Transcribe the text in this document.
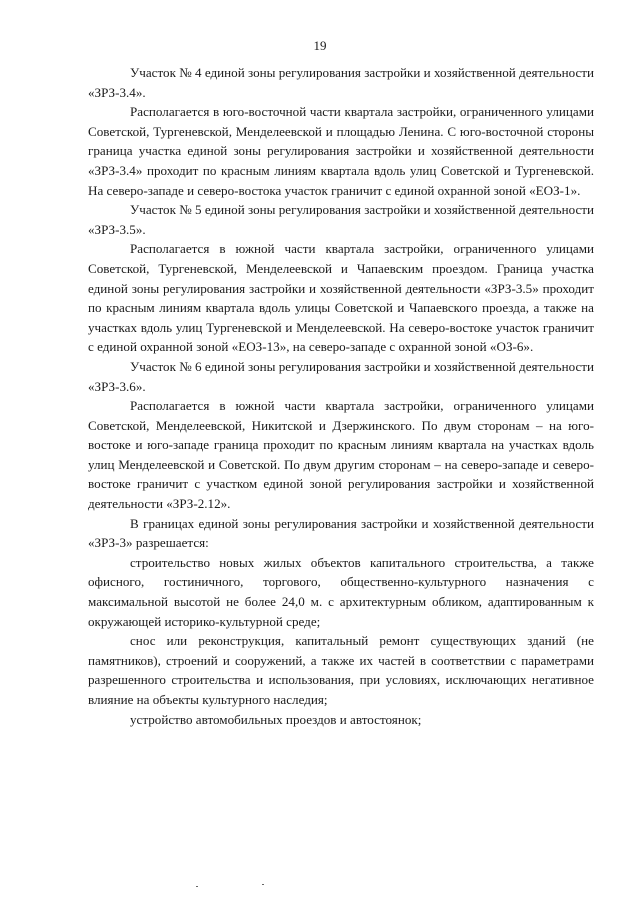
19

Участок № 4 единой зоны регулирования застройки и хозяйственной деятельности «ЗРЗ-3.4».

Располагается в юго-восточной части квартала застройки, ограниченного улицами Советской, Тургеневской, Менделеевской и площадью Ленина. С юго-восточной стороны граница участка единой зоны регулирования застройки и хозяйственной деятельности «ЗРЗ-3.4» проходит по красным линиям квартала вдоль улиц Советской и Тургеневской. На северо-западе и северо-востока участок граничит с единой охранной зоной «ЕОЗ-1».

Участок № 5 единой зоны регулирования застройки и хозяйственной деятельности «ЗРЗ-3.5».

Располагается в южной части квартала застройки, ограниченного улицами Советской, Тургеневской, Менделеевской и Чапаевским проездом. Граница участка единой зоны регулирования застройки и хозяйственной деятельности «ЗРЗ-3.5» проходит по красным линиям квартала вдоль улицы Советской и Чапаевского проезда, а также на участках вдоль улиц Тургеневской и Менделеевской. На северо-востоке участок граничит с единой охранной зоной «ЕОЗ-13», на северо-западе с охранной зоной «ОЗ-6».

Участок № 6 единой зоны регулирования застройки и хозяйственной деятельности «ЗРЗ-3.6».

Располагается в южной части квартала застройки, ограниченного улицами Советской, Менделеевской, Никитской и Дзержинского. По двум сторонам – на юго-востоке и юго-западе граница проходит по красным линиям квартала на участках вдоль улиц Менделеевской и Советской. По двум другим сторонам – на северо-западе и северо-востоке граничит с участком единой зоной регулирования застройки и хозяйственной деятельности «ЗРЗ-2.12».

В границах единой зоны регулирования застройки и хозяйственной деятельности «ЗРЗ-3» разрешается:

строительство новых жилых объектов капитального строительства, а также офисного, гостиничного, торгового, общественно-культурного назначения с максимальной высотой не более 24,0 м. с архитектурным обликом, адаптированным к окружающей историко-культурной среде;

снос или реконструкция, капитальный ремонт существующих зданий (не памятников), строений и сооружений, а также их частей в соответствии с параметрами разрешенного строительства и использования, при условиях, исключающих негативное влияние на объекты культурного наследия;

устройство автомобильных проездов и автостоянок;
